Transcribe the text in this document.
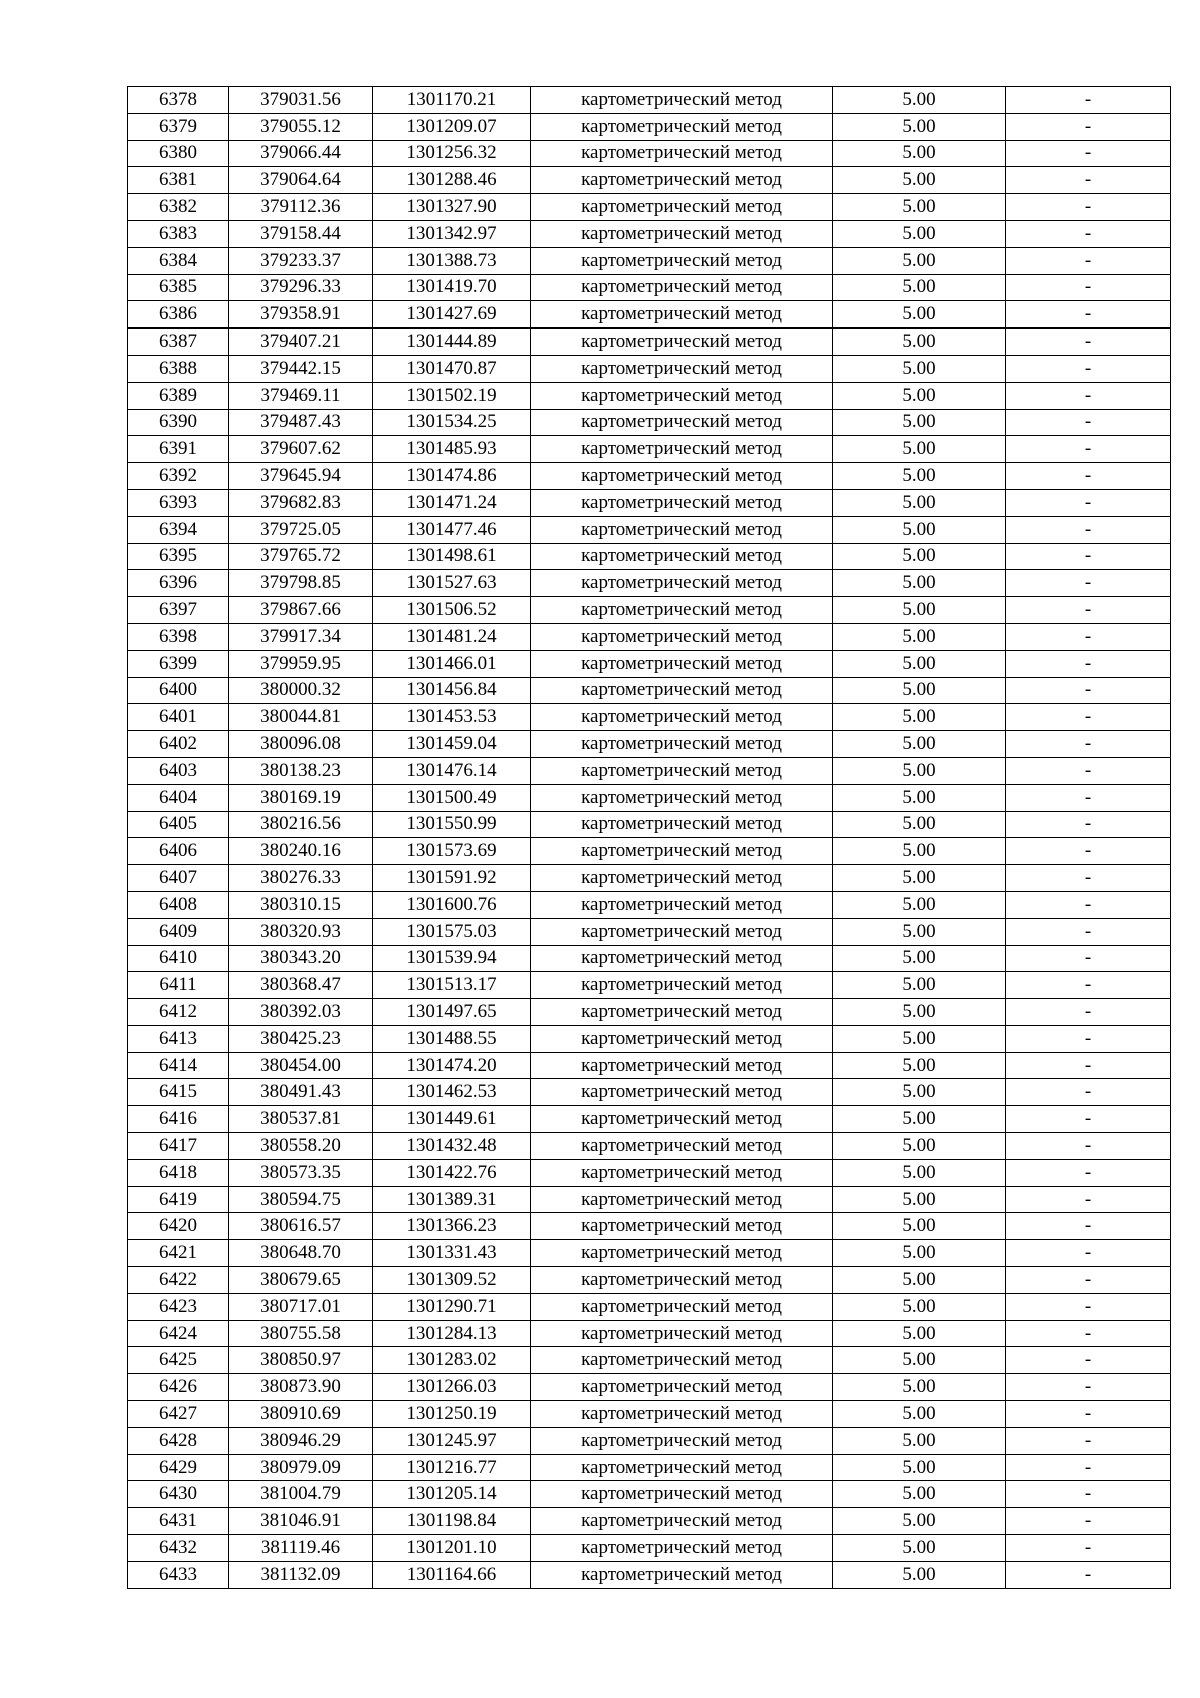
6378	379031.56	1301170.21	картометрический метод	5.00	-
6379	379055.12	1301209.07	картометрический метод	5.00	-
6380	379066.44	1301256.32	картометрический метод	5.00	-
6381	379064.64	1301288.46	картометрический метод	5.00	-
6382	379112.36	1301327.90	картометрический метод	5.00	-
6383	379158.44	1301342.97	картометрический метод	5.00	-
6384	379233.37	1301388.73	картометрический метод	5.00	-
6385	379296.33	1301419.70	картометрический метод	5.00	-
6386	379358.91	1301427.69	картометрический метод	5.00	-
6387	379407.21	1301444.89	картометрический метод	5.00	-
6388	379442.15	1301470.87	картометрический метод	5.00	-
6389	379469.11	1301502.19	картометрический метод	5.00	-
6390	379487.43	1301534.25	картометрический метод	5.00	-
6391	379607.62	1301485.93	картометрический метод	5.00	-
6392	379645.94	1301474.86	картометрический метод	5.00	-
6393	379682.83	1301471.24	картометрический метод	5.00	-
6394	379725.05	1301477.46	картометрический метод	5.00	-
6395	379765.72	1301498.61	картометрический метод	5.00	-
6396	379798.85	1301527.63	картометрический метод	5.00	-
6397	379867.66	1301506.52	картометрический метод	5.00	-
6398	379917.34	1301481.24	картометрический метод	5.00	-
6399	379959.95	1301466.01	картометрический метод	5.00	-
6400	380000.32	1301456.84	картометрический метод	5.00	-
6401	380044.81	1301453.53	картометрический метод	5.00	-
6402	380096.08	1301459.04	картометрический метод	5.00	-
6403	380138.23	1301476.14	картометрический метод	5.00	-
6404	380169.19	1301500.49	картометрический метод	5.00	-
6405	380216.56	1301550.99	картометрический метод	5.00	-
6406	380240.16	1301573.69	картометрический метод	5.00	-
6407	380276.33	1301591.92	картометрический метод	5.00	-
6408	380310.15	1301600.76	картометрический метод	5.00	-
6409	380320.93	1301575.03	картометрический метод	5.00	-
6410	380343.20	1301539.94	картометрический метод	5.00	-
6411	380368.47	1301513.17	картометрический метод	5.00	-
6412	380392.03	1301497.65	картометрический метод	5.00	-
6413	380425.23	1301488.55	картометрический метод	5.00	-
6414	380454.00	1301474.20	картометрический метод	5.00	-
6415	380491.43	1301462.53	картометрический метод	5.00	-
6416	380537.81	1301449.61	картометрический метод	5.00	-
6417	380558.20	1301432.48	картометрический метод	5.00	-
6418	380573.35	1301422.76	картометрический метод	5.00	-
6419	380594.75	1301389.31	картометрический метод	5.00	-
6420	380616.57	1301366.23	картометрический метод	5.00	-
6421	380648.70	1301331.43	картометрический метод	5.00	-
6422	380679.65	1301309.52	картометрический метод	5.00	-
6423	380717.01	1301290.71	картометрический метод	5.00	-
6424	380755.58	1301284.13	картометрический метод	5.00	-
6425	380850.97	1301283.02	картометрический метод	5.00	-
6426	380873.90	1301266.03	картометрический метод	5.00	-
6427	380910.69	1301250.19	картометрический метод	5.00	-
6428	380946.29	1301245.97	картометрический метод	5.00	-
6429	380979.09	1301216.77	картометрический метод	5.00	-
6430	381004.79	1301205.14	картометрический метод	5.00	-
6431	381046.91	1301198.84	картометрический метод	5.00	-
6432	381119.46	1301201.10	картометрический метод	5.00	-
6433	381132.09	1301164.66	картометрический метод	5.00	-
